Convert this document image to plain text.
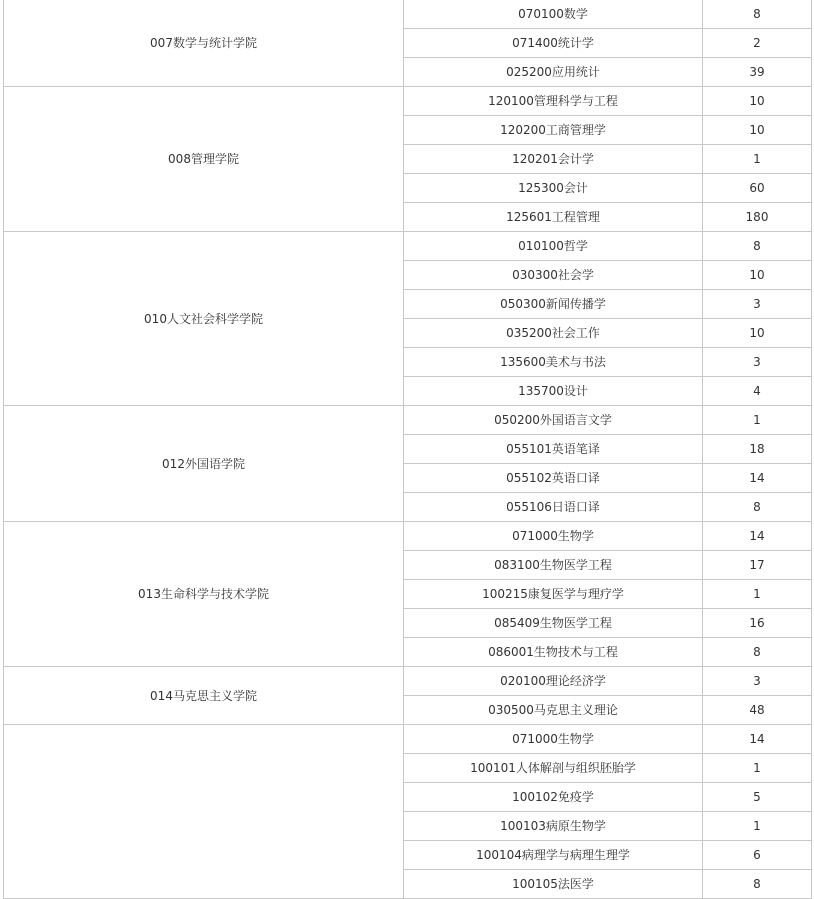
007数学与统计学院	070100数学	8
	071400统计学	2
	025200应用统计	39
008管理学院	120100管理科学与工程	10
	120200工商管理学	10
	120201会计学	1
	125300会计	60
	125601工程管理	180
010人文社会科学学院	010100哲学	8
	030300社会学	10
	050300新闻传播学	3
	035200社会工作	10
	135600美术与书法	3
	135700设计	4
012外国语学院	050200外国语言文学	1
	055101英语笔译	18
	055102英语口译	14
	055106日语口译	8
013生命科学与技术学院	071000生物学	14
	083100生物医学工程	17
	100215康复医学与理疗学	1
	085409生物医学工程	16
	086001生物技术与工程	8
014马克思主义学院	020100理论经济学	3
	030500马克思主义理论	48
	071000生物学	14
	100101人体解剖与组织胚胎学	1
	100102免疫学	5
	100103病原生物学	1
	100104病理学与病理生理学	6
	100105法医学	8
